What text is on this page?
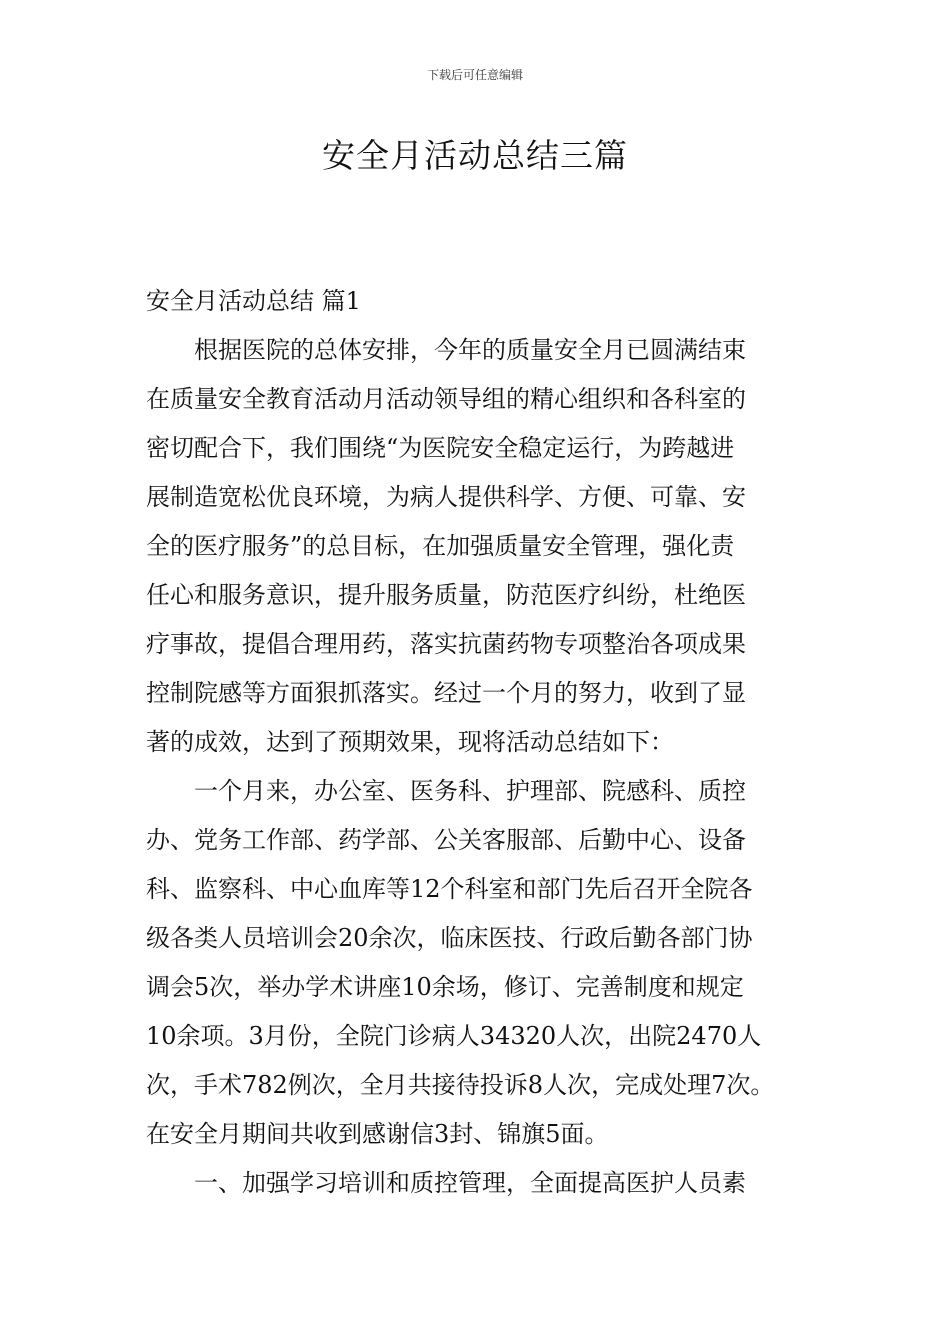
下载后可任意编辑
安全月活动总结三篇
安全月活动总结 篇1

根据医院的总体安排，今年的质量安全月已圆满结束
在质量安全教育活动月活动领导组的精心组织和各科室的
密切配合下，我们围绕“为医院安全稳定运行，为跨越进
展制造宽松优良环境，为病人提供科学、方便、可靠、安
全的医疗服务”的总目标，在加强质量安全管理，强化责
任心和服务意识，提升服务质量，防范医疗纠纷，杜绝医
疗事故，提倡合理用药，落实抗菌药物专项整治各项成果
控制院感等方面狠抓落实。经过一个月的努力，收到了显
著的成效，达到了预期效果，现将活动总结如下：

一个月来，办公室、医务科、护理部、院感科、质控
办、党务工作部、药学部、公关客服部、后勤中心、设备
科、监察科、中心血库等12个科室和部门先后召开全院各
级各类人员培训会20余次，临床医技、行政后勤各部门协
调会5次，举办学术讲座10余场，修订、完善制度和规定
10余项。3月份，全院门诊病人34320人次，出院2470人
次，手术782例次，全月共接待投诉8人次，完成处理7次。
在安全月期间共收到感谢信3封、锦旗5面。

一、加强学习培训和质控管理，全面提高医护人员素
